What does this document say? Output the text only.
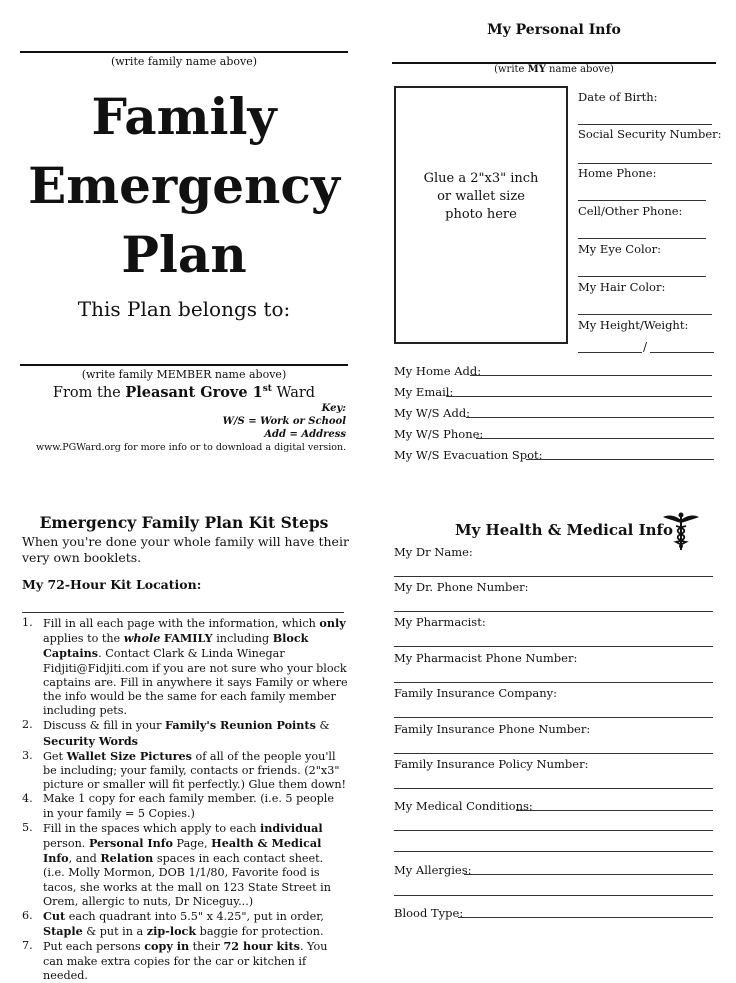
(write family name above)
Family
Emergency
Plan
This Plan belongs to:
(write family MEMBER name above)
From the Pleasant Grove 1st Ward
Key:
W/S = Work or School
Add = Address
www.PGWard.org for more info or to download a digital version.
My Personal Info
(write MY name above)
Glue a 2"x3" inch or wallet size photo here
Date of Birth:
Social Security Number:
Home Phone:
Cell/Other Phone:
My Eye Color:
My Hair Color:
My Height/Weight:
/
My Home Add:
My Email:
My W/S Add:
My W/S Phone:
My W/S Evacuation Spot:
Emergency Family Plan Kit Steps
When you're done your whole family will have their very own booklets.
My 72-Hour Kit Location:
1. Fill in all each page with the information, which only applies to the whole FAMILY including Block Captains. Contact Clark & Linda Winegar Fidjiti@Fidjiti.com if you are not sure who your block captains are. Fill in anywhere it says Family or where the info would be the same for each family member including pets.
2. Discuss & fill in your Family's Reunion Points & Security Words
3. Get Wallet Size Pictures of all of the people you'll be including; your family, contacts or friends. (2"x3" picture or smaller will fit perfectly.) Glue them down!
4. Make 1 copy for each family member. (i.e. 5 people in your family = 5 Copies.)
5. Fill in the spaces which apply to each individual person. Personal Info Page, Health & Medical Info, and Relation spaces in each contact sheet. (i.e. Molly Mormon, DOB 1/1/80, Favorite food is tacos, she works at the mall on 123 State Street in Orem, allergic to nuts, Dr Niceguy...)
6. Cut each quadrant into 5.5" x 4.25", put in order, Staple & put in a zip-lock baggie for protection.
7. Put each persons copy in their 72 hour kits. You can make extra copies for the car or kitchen if needed.
My Health & Medical Info
My Dr Name:
My Dr. Phone Number:
My Pharmacist:
My Pharmacist Phone Number:
Family Insurance Company:
Family Insurance Phone Number:
Family Insurance Policy Number:
My Medical Conditions:
My Allergies:
Blood Type:
